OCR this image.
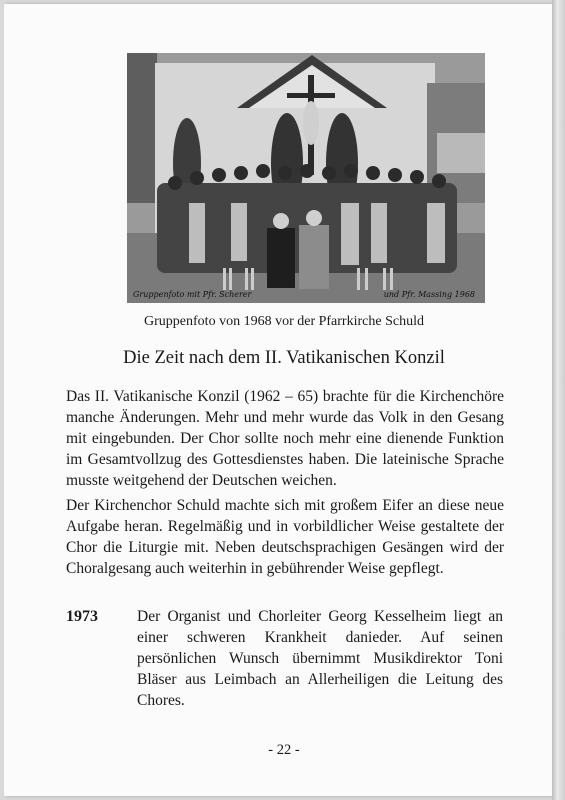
Gruppenfoto mit Pfr. Scherer	und Pfr. Massing 1968
Gruppenfoto von 1968 vor der Pfarrkirche Schuld
Die Zeit nach dem II. Vatikanischen Konzil
Das II. Vatikanische Konzil (1962 – 65) brachte für die Kirchenchöre manche Änderungen. Mehr und mehr wurde das Volk in den Gesang mit eingebunden. Der Chor sollte noch mehr eine dienende Funktion im Gesamtvollzug des Gottesdienstes haben. Die lateinische Sprache musste weitgehend der Deutschen weichen.
Der Kirchenchor Schuld machte sich mit großem Eifer an diese neue Aufgabe heran. Regelmäßig und in vorbildlicher Weise gestaltete der Chor die Liturgie mit. Neben deutschsprachigen Gesängen wird der Choralgesang auch weiterhin in gebührender Weise gepflegt.
1973	Der Organist und Chorleiter Georg Kesselheim liegt an einer schweren Krankheit danieder. Auf seinen persönlichen Wunsch übernimmt Musikdirektor Toni Bläser aus Leimbach an Allerheiligen die Leitung des Chores.
- 22 -
